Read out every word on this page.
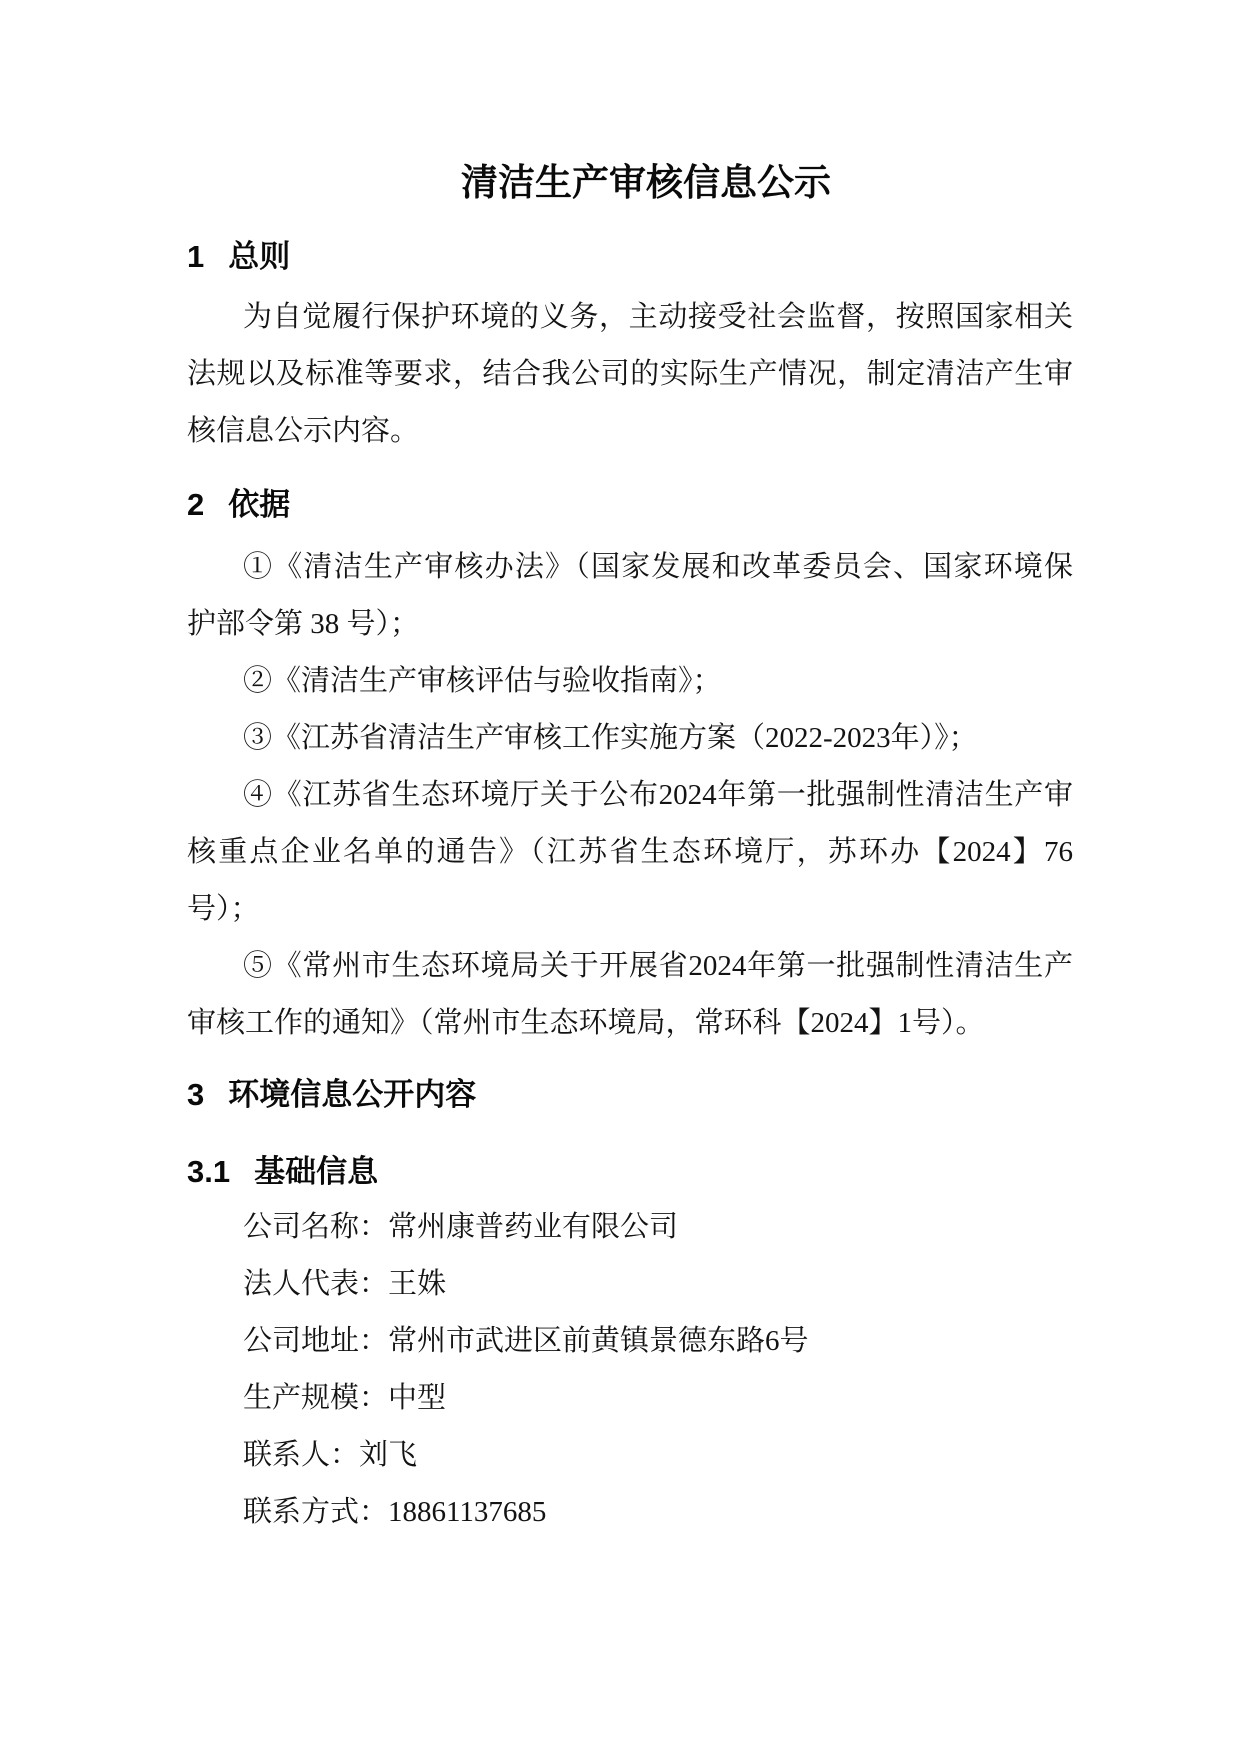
清洁生产审核信息公示
1 总则
为自觉履行保护环境的义务，主动接受社会监督，按照国家相关
法规以及标准等要求，结合我公司的实际生产情况，制定清洁产生审
核信息公示内容。
2 依据
①《清洁生产审核办法》（国家发展和改革委员会、国家环境保
护部令第 38 号）；
②《清洁生产审核评估与验收指南》；
③《江苏省清洁生产审核工作实施方案（2022-2023年）》；
④《江苏省生态环境厅关于公布2024年第一批强制性清洁生产审
核重点企业名单的通告》（江苏省生态环境厅，苏环办【2024】76
号）；
⑤《常州市生态环境局关于开展省2024年第一批强制性清洁生产
审核工作的通知》（常州市生态环境局，常环科【2024】1号）。
3 环境信息公开内容
3.1 基础信息
公司名称：常州康普药业有限公司
法人代表：王姝
公司地址：常州市武进区前黄镇景德东路6号
生产规模：中型
联系人：刘飞
联系方式：18861137685
